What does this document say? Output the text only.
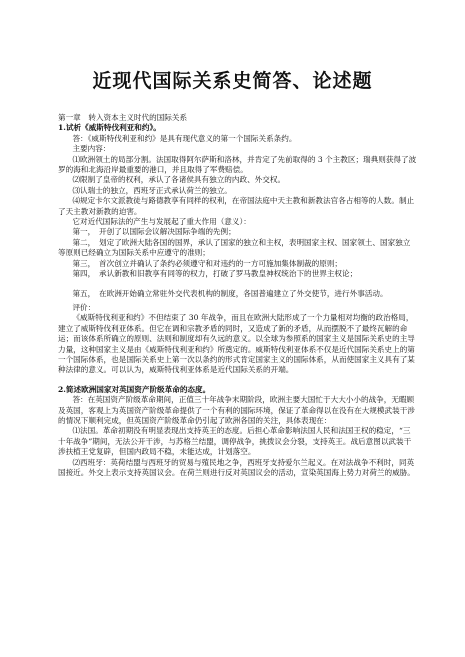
近现代国际关系史简答、论述题

第一章　转入资本主义时代的国际关系

1.试析《威斯特伐利亚和约》。

答：《威斯特伐利亚和约》是具有现代意义的第一个国际关系条约。

主要内容：

⑴欧洲领土的局部分割。法国取得阿尔萨斯和洛林，并肯定了先前取得的 3 个主教区；瑞典则获得了波罗的海和北海沿岸最重要的港口，并且取得了军费赔偿。

⑵限制了皇帝的权利，承认了各诸侯具有独立的内政、外交权。

⑶认瑞士的独立，西班牙正式承认荷兰的独立。

⑷规定卡尔文派教徒与路德教享有同样的权利，在帝国法庭中天主教和新教法官各占相等的人数。制止了天主教对新教的迫害。

它对近代国际法的产生与发展起了重大作用（意义）：

第一，　开创了以国际会议解决国际争端的先例；

第二，　划定了欧洲大陆各国的国界，承认了国家的独立和主权，表明国家主权、国家领土、国家独立等原则已经确立为国际关系中应遵守的准则；

第三，　首次创立并确认了条约必须遵守和对违约的一方可施加集体制裁的原则；

第四，　承认新教和旧教享有同等的权力，打破了罗马教皇神权统治下的世界主权论；

第五，　在欧洲开始确立常驻外交代表机构的制度，各国普遍建立了外交使节，进行外事活动。

评价：

《威斯特伐利亚和约》不但结束了 30 年战争，而且在欧洲大陆形成了一个力量相对均衡的政治格局，建立了威斯特伐利亚体系。但它在调和宗教矛盾的同时，又造成了新的矛盾，从而摆脱不了最终瓦解的命运；而该体系所确立的原则、法则和制度却有久远的意义。以全球为参照系的国家主义是国际关系史的主导力量，这种国家主义是由《威斯特伐利亚和约》所奠定的。威斯特伐利亚体系不仅是近代国际关系史上的第一个国际体系，也是国际关系史上第一次以条约的形式肯定国家主义的国际体系，从而使国家主义具有了某种法律的意义。可以认为，威斯特伐利亚体系是近代国际关系的开端。

2.简述欧洲国家对英国资产阶级革命的态度。

答：在英国资产阶级革命期间，正值三十年战争末期阶段，欧洲主要大国忙于大大小小的战争，无暇顾及英国，客观上为英国资产阶级革命提供了一个有利的国际环境，保证了革命得以在没有在大规模武装干涉的情况下顺利完成，但英国资产阶级革命仍引起了欧洲各国的关注，具体表现在：

⑴法国。革命初期没有明显表现出支持英王的态度。后担心革命影响法国人民和法国王权的稳定，“三十年战争”期间，无法公开干涉，与苏格兰结盟，调停战争，挑拨议会分裂，支持英王。战后意图以武装干涉扶植王党复辟，但国内政局不稳，未能达成，计划落空。

⑵西班牙：英荷结盟与西班牙的贸易与殖民地之争，西班牙支持爱尔兰起义。在对法战争不利时，同英国接近。外交上表示支持英国议会。在荷兰则进行反对英国议会的活动，宣染英国海上势力对荷兰的威胁。
